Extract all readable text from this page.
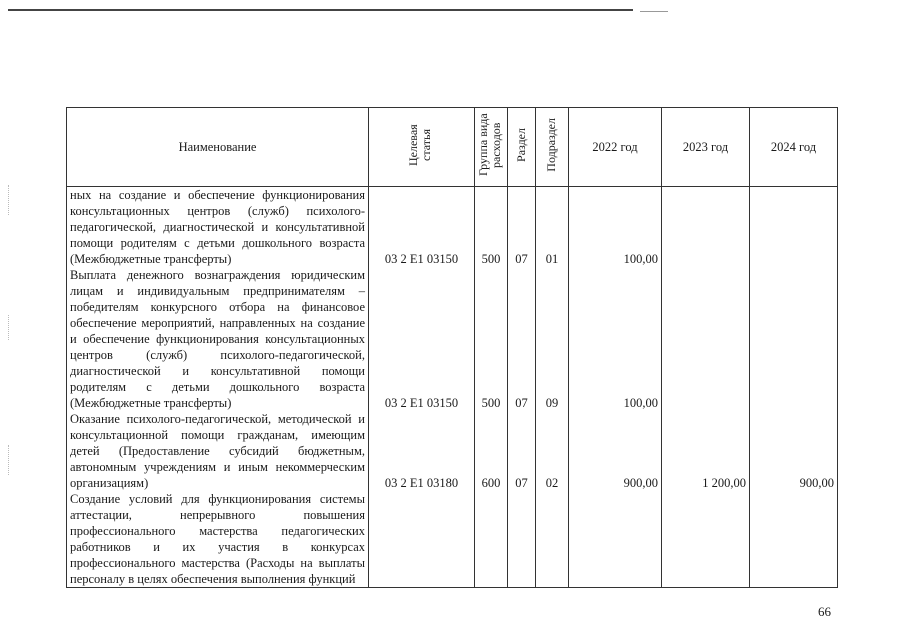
Наименование	Целевая статья	Группа вида расходов	Раздел	Подраздел	2022 год	2023 год	2024 год
ных на создание и обеспечение функционирования консультационных центров (служб) психолого-педагогической, диагностической и консультативной помощи родителям с детьми дошкольного возраста (Межбюджетные трансферты)	03 2 E1 03150	500	07	01	100,00		
Выплата денежного вознаграждения юридическим лицам и индивидуальным предпринимателям – победителям конкурсного отбора на финансовое обеспечение мероприятий, направленных на создание и обеспечение функционирования консультационных центров (служб) психолого-педагогической, диагностической и консультативной помощи родителям с детьми дошкольного возраста (Межбюджетные трансферты)	03 2 E1 03150	500	07	09	100,00		
Оказание психолого-педагогической, методической и консультационной помощи гражданам, имеющим детей (Предоставление субсидий бюджетным, автономным учреждениям и иным некоммерческим организациям)	03 2 E1 03180	600	07	02	900,00	1 200,00	900,00
Создание условий для функционирования системы аттестации, непрерывного повышения профессионального мастерства педагогических работников и их участия в конкурсах профессионального мастерства (Расходы на выплаты персоналу в целях обеспечения выполнения функций							
66
